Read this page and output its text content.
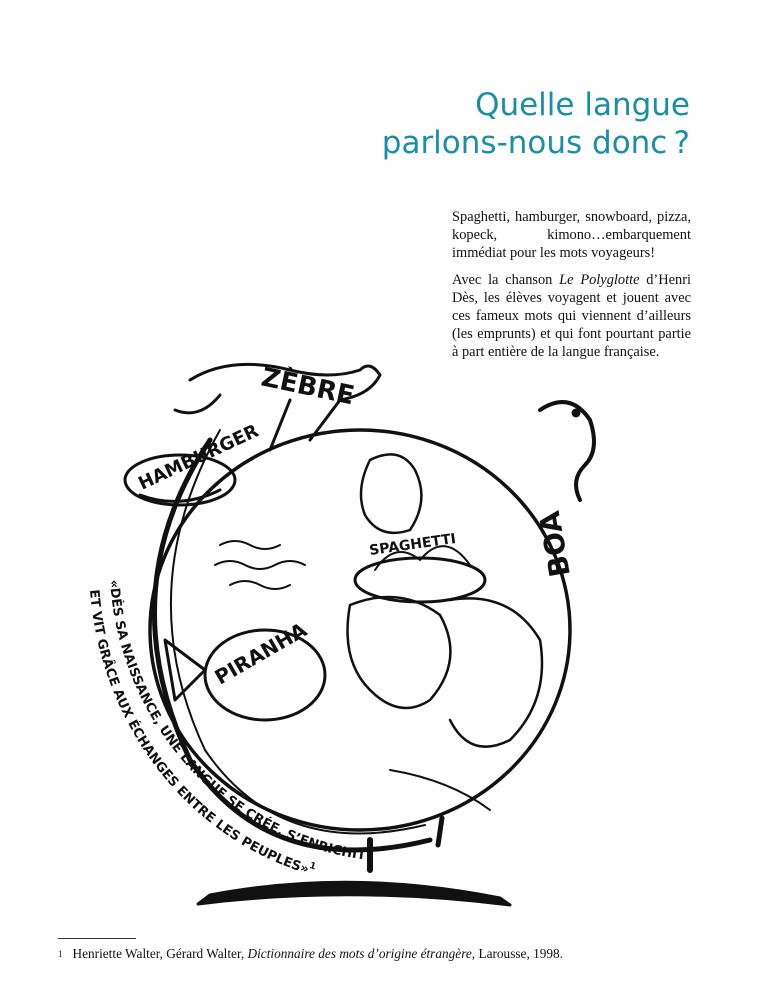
Quelle langue
parlons-nous donc ?

Spaghetti, hamburger, snowboard, pizza, kopeck, kimono…embarquement immédiat pour les mots voyageurs!

Avec la chanson Le Polyglotte d’Henri Dès, les élèves voyagent et jouent avec ces fameux mots qui viennent d’ailleurs (les emprunts) et qui font pourtant partie à part entière de la langue française.

ZÈBRE
HAMBURGER
SPAGHETTI
PIRANHA
BOA
«DÈS SA NAISSANCE, UNE LANGUE SE CRÉE, S’ENRICHIT
ET VIT GRÂCE AUX ÉCHANGES ENTRE LES PEUPLES»$^1$
$^1$ Henriette Walter, Gérard Walter, Dictionnaire des mots d’origine étrangère, Larousse, 1998.
